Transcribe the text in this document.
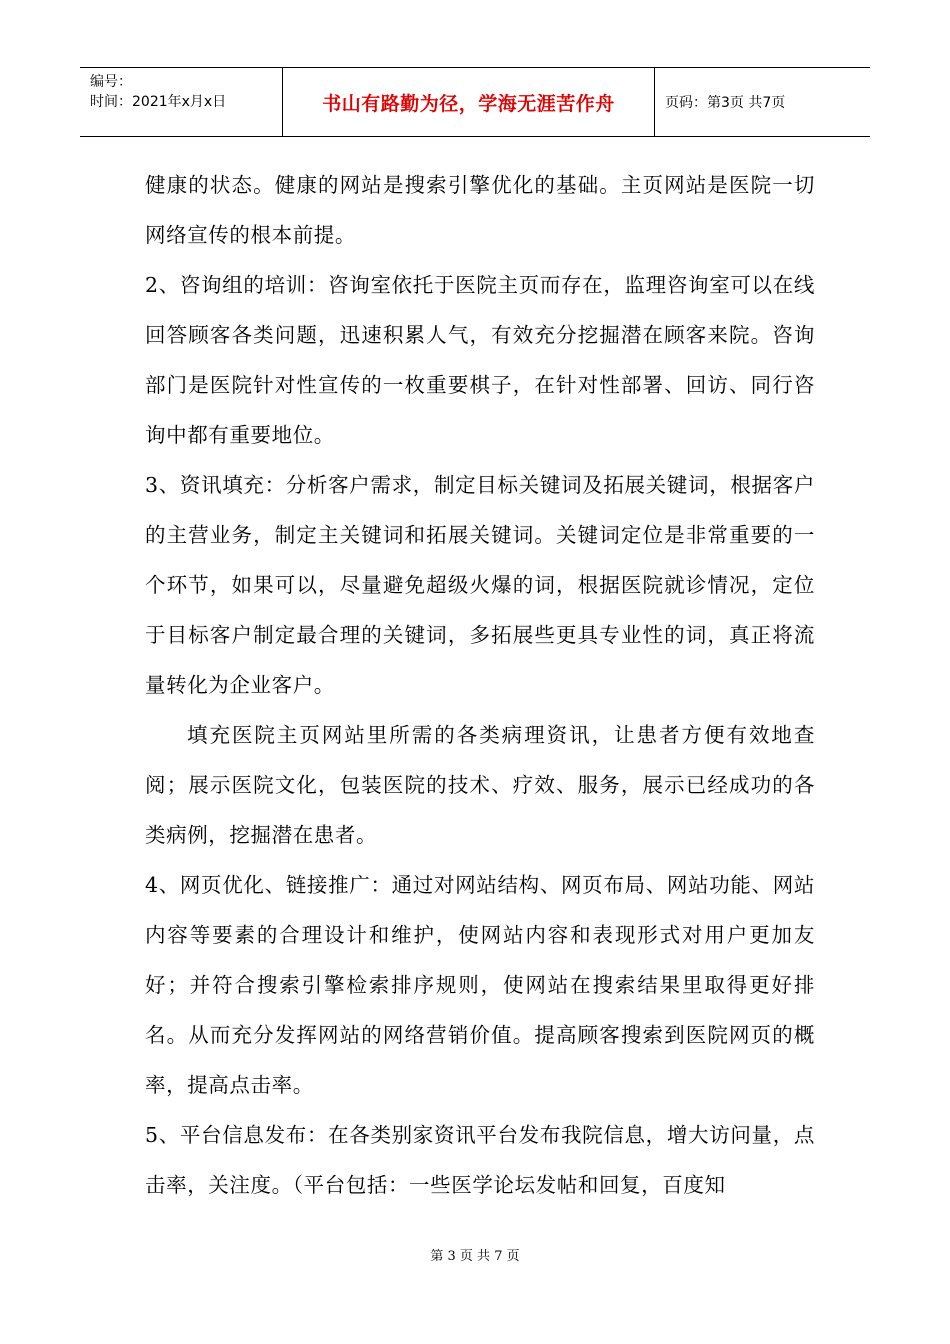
编号：
时间：2021年x月x日	书山有路勤为径，学海无涯苦作舟	页码：第3页 共7页

健康的状态。健康的网站是搜索引擎优化的基础。主页网站是医院一切网络宣传的根本前提。

2、咨询组的培训：咨询室依托于医院主页而存在，监理咨询室可以在线回答顾客各类问题，迅速积累人气，有效充分挖掘潜在顾客来院。咨询部门是医院针对性宣传的一枚重要棋子，在针对性部署、回访、同行咨询中都有重要地位。

3、资讯填充：分析客户需求，制定目标关键词及拓展关键词，根据客户的主营业务，制定主关键词和拓展关键词。关键词定位是非常重要的一个环节，如果可以，尽量避免超级火爆的词，根据医院就诊情况，定位于目标客户制定最合理的关键词，多拓展些更具专业性的词，真正将流量转化为企业客户。

填充医院主页网站里所需的各类病理资讯，让患者方便有效地查阅；展示医院文化，包装医院的技术、疗效、服务，展示已经成功的各类病例，挖掘潜在患者。

4、网页优化、链接推广：通过对网站结构、网页布局、网站功能、网站内容等要素的合理设计和维护，使网站内容和表现形式对用户更加友好；并符合搜索引擎检索排序规则，使网站在搜索结果里取得更好排名。从而充分发挥网站的网络营销价值。提高顾客搜索到医院网页的概率，提高点击率。

5、平台信息发布：在各类别家资讯平台发布我院信息，增大访问量，点击率，关注度。（平台包括：一些医学论坛发帖和回复，百度知

第 3 页 共 7 页
